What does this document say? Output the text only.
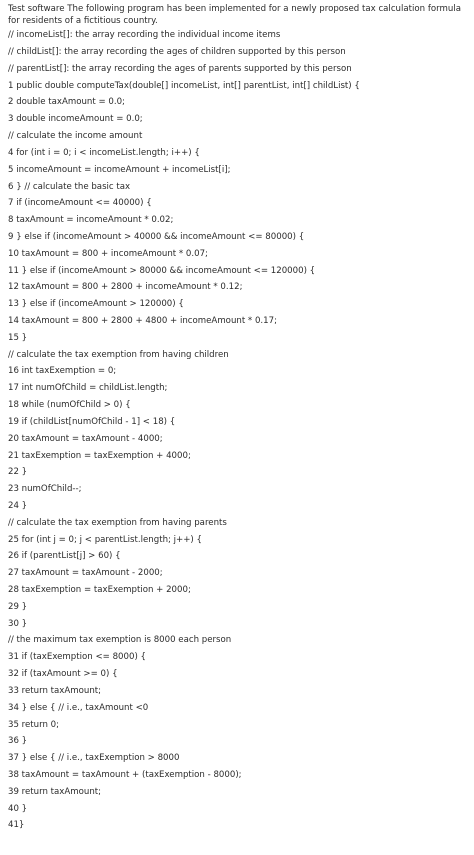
Test software The following program has been implemented for a newly proposed tax calculation formula
for residents of a fictitious country.
// incomeList[]: the array recording the individual income items
// childList[]: the array recording the ages of children supported by this person
// parentList[]: the array recording the ages of parents supported by this person
1 public double computeTax(double[] incomeList, int[] parentList, int[] childList) {
2 double taxAmount = 0.0;
3 double incomeAmount = 0.0;
// calculate the income amount
4 for (int i = 0; i < incomeList.length; i++) {
5 incomeAmount = incomeAmount + incomeList[i];
6 } // calculate the basic tax
7 if (incomeAmount <= 40000) {
8 taxAmount = incomeAmount * 0.02;
9 } else if (incomeAmount > 40000 && incomeAmount <= 80000) {
10 taxAmount = 800 + incomeAmount * 0.07;
11 } else if (incomeAmount > 80000 && incomeAmount <= 120000) {
12 taxAmount = 800 + 2800 + incomeAmount * 0.12;
13 } else if (incomeAmount > 120000) {
14 taxAmount = 800 + 2800 + 4800 + incomeAmount * 0.17;
15 }
// calculate the tax exemption from having children
16 int taxExemption = 0;
17 int numOfChild = childList.length;
18 while (numOfChild > 0) {
19 if (childList[numOfChild - 1] < 18) {
20 taxAmount = taxAmount - 4000;
21 taxExemption = taxExemption + 4000;
22 }
23 numOfChild--;
24 }
// calculate the tax exemption from having parents
25 for (int j = 0; j < parentList.length; j++) {
26 if (parentList[j] > 60) {
27 taxAmount = taxAmount - 2000;
28 taxExemption = taxExemption + 2000;
29 }
30 }
// the maximum tax exemption is 8000 each person
31 if (taxExemption <= 8000) {
32 if (taxAmount >= 0) {
33 return taxAmount;
34 } else { // i.e., taxAmount <0
35 return 0;
36 }
37 } else { // i.e., taxExemption > 8000
38 taxAmount = taxAmount + (taxExemption - 8000);
39 return taxAmount;
40 }
41}
